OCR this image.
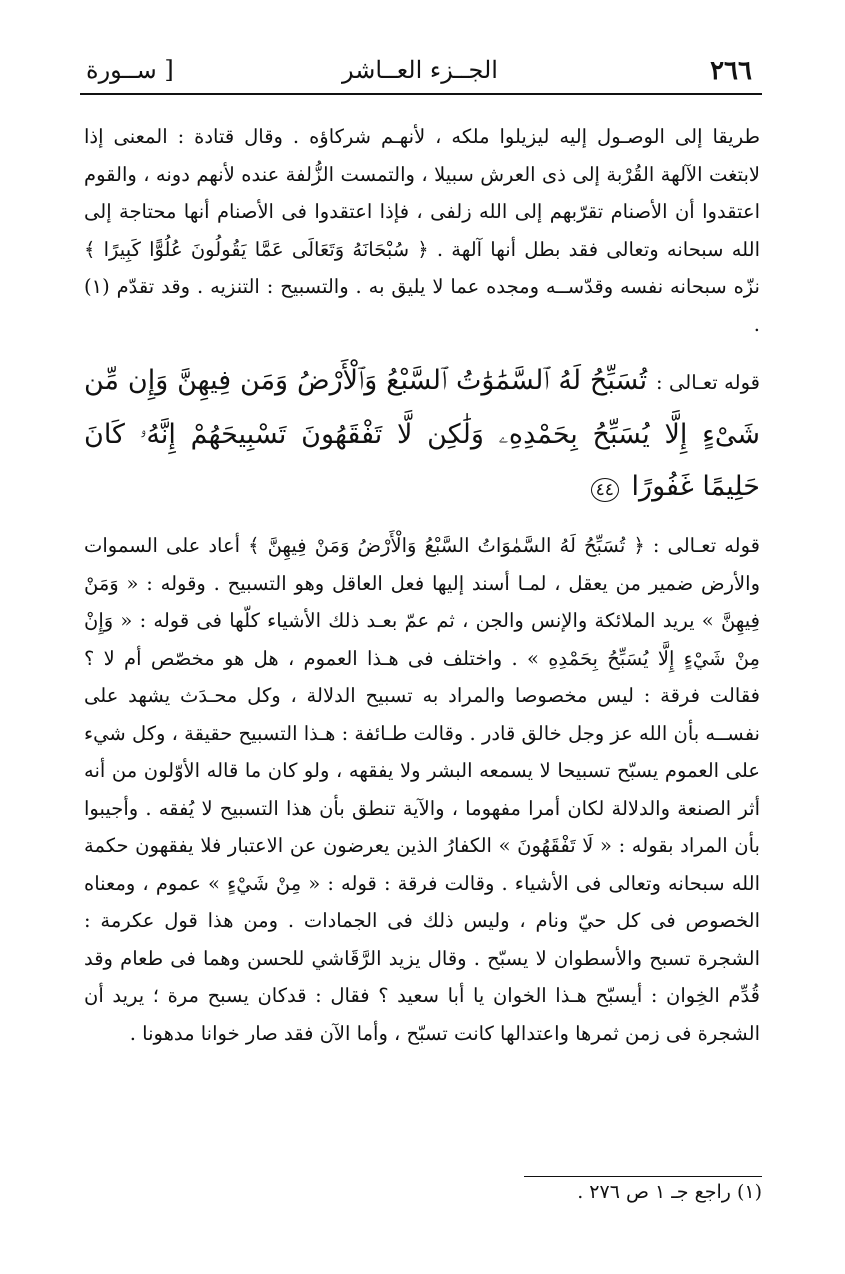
٢٦٦
الجــزء العــاشر
[ ســورة

طريقا إلى الوصـول إليه ليزيلوا ملكه ، لأنهـم شركاؤه . وقال قتادة : المعنى إذا لابتغت الآلهة القُرْبة إلى ذى العرش سبيلا ، والتمست الزُّلفة عنده لأنهم دونه ، والقوم اعتقدوا أن الأصنام تقرّبهم إلى الله زلفى ، فإذا اعتقدوا فى الأصنام أنها محتاجة إلى الله سبحانه وتعالى فقد بطل أنها آلهة . ﴿ سُبْحَانَهُ وَتَعَالَى عَمَّا يَقُولُونَ عُلُوًّا كَبِيرًا ﴾ نزّه سبحانه نفسه وقدّســه ومجده عما لا يليق به . والتسبيح : التنزيه . وقد تقدّم (١) .

قوله تعـالى : تُسَبِّحُ لَهُ ٱلسَّمَٰوَٰتُ ٱلسَّبْعُ وَٱلْأَرْضُ وَمَن فِيهِنَّ وَإِن مِّن شَىْءٍ إِلَّا يُسَبِّحُ بِحَمْدِهِۦ وَلَٰكِن لَّا تَفْقَهُونَ تَسْبِيحَهُمْ إِنَّهُۥ كَانَ حَلِيمًا غَفُورًا ٤٤

قوله تعـالى : ﴿ تُسَبِّحُ لَهُ السَّمٰوَاتُ السَّبْعُ وَالْأَرْضُ وَمَنْ فِيهِنَّ ﴾ أعاد على السموات والأرض ضمير من يعقل ، لمـا أسند إليها فعل العاقل وهو التسبيح . وقوله : « وَمَنْ فِيهِنَّ » يريد الملائكة والإنس والجن ، ثم عمّ بعـد ذلك الأشياء كلّها فى قوله : « وَإِنْ مِنْ شَيْءٍ إِلَّا يُسَبِّحُ بِحَمْدِهِ » . واختلف فى هـذا العموم ، هل هو مخصّص أم لا ؟ فقالت فرقة : ليس مخصوصا والمراد به تسبيح الدلالة ، وكل محـدَث يشهد على نفســه بأن الله عز وجل خالق قادر . وقالت طـائفة : هـذا التسبيح حقيقة ، وكل شيء على العموم يسبّح تسبيحا لا يسمعه البشر ولا يفقهه ، ولو كان ما قاله الأوّلون من أنه أثر الصنعة والدلالة لكان أمرا مفهوما ، والآية تنطق بأن هذا التسبيح لا يُفقه . وأجيبوا بأن المراد بقوله : « لَا تَفْقَهُونَ » الكفارُ الذين يعرضون عن الاعتبار فلا يفقهون حكمة الله سبحانه وتعالى فى الأشياء . وقالت فرقة : قوله : « مِنْ شَيْءٍ » عموم ، ومعناه الخصوص فى كل حيّ ونام ، وليس ذلك فى الجمادات . ومن هذا قول عكرمة : الشجرة تسبح والأسطوان لا يسبّح . وقال يزيد الرَّقَاشي للحسن وهما فى طعام وقد قُدِّم الخِوان : أيسبّح هـذا الخوان يا أبا سعيد ؟ فقال : قدكان يسبح مرة ؛ يريد أن الشجرة فى زمن ثمرها واعتدالها كانت تسبّح ، وأما الآن فقد صار خوانا مدهونا .

(١) راجع جـ ١ ص ٢٧٦ .
